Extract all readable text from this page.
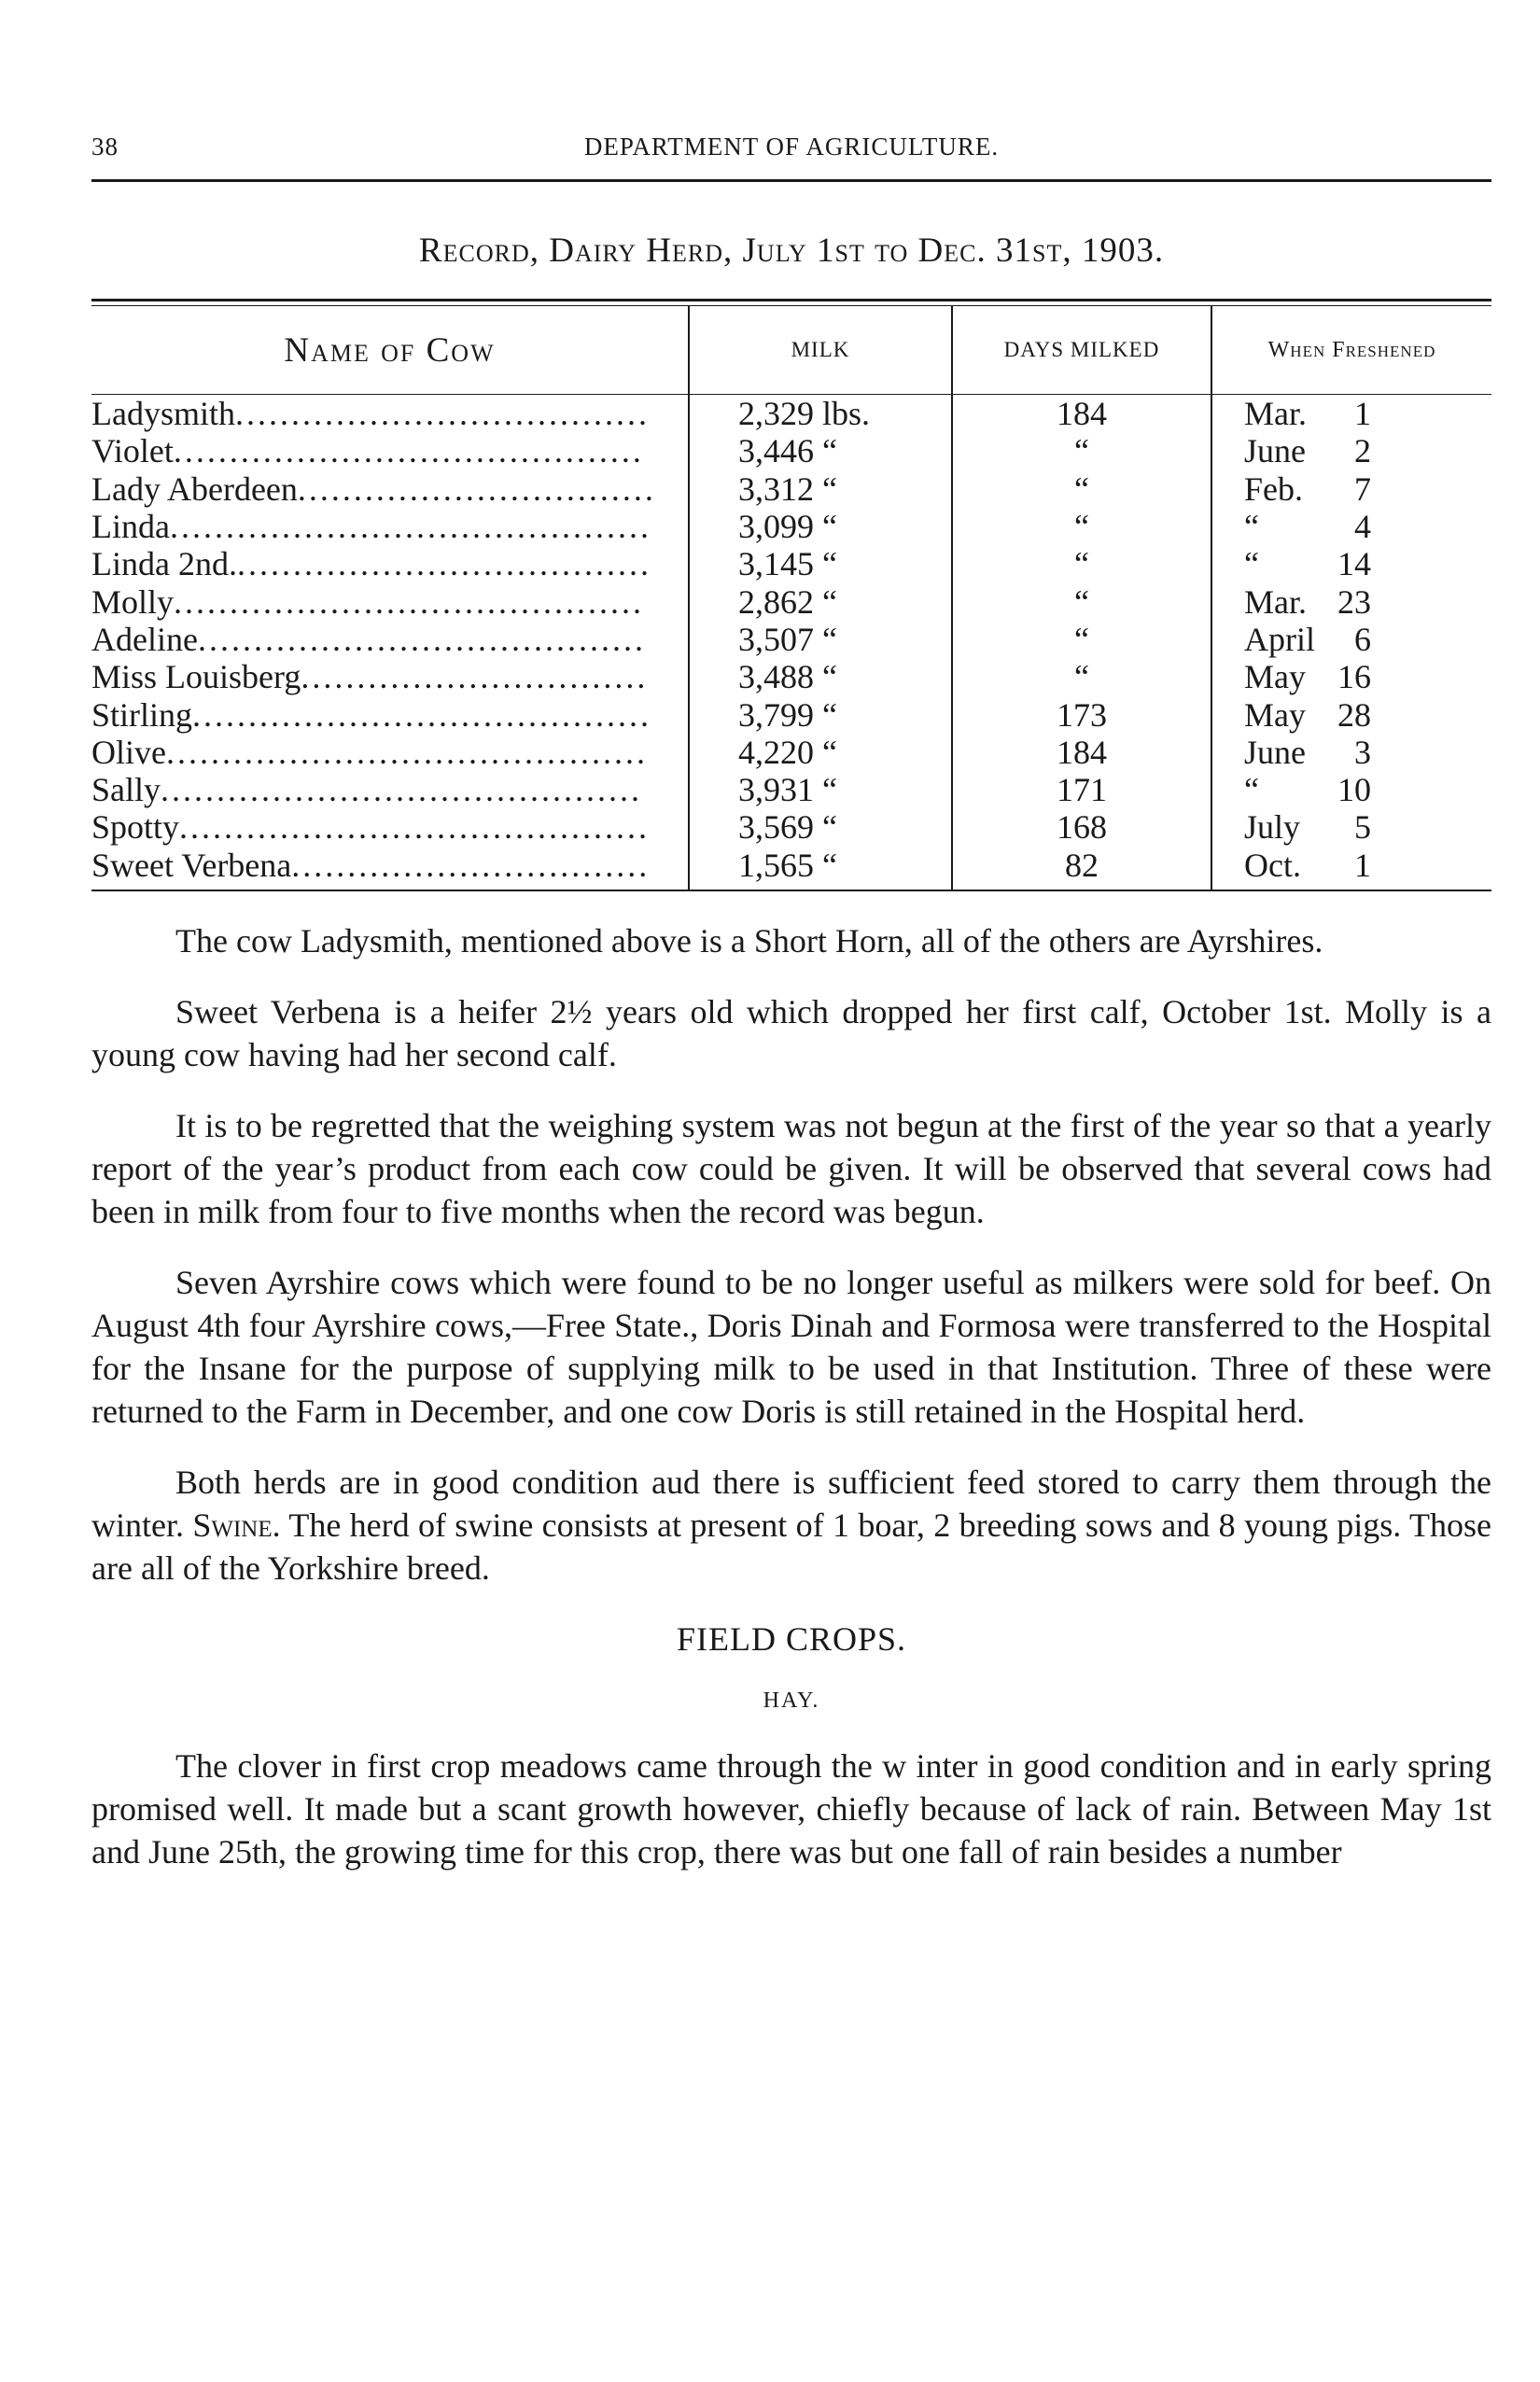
38	DEPARTMENT OF AGRICULTURE.
Record, Dairy Herd, July 1st to Dec. 31st, 1903.
Name of Cow	MILK	DAYS MILKED	When Freshened
Ladysmith.....................................	2,329 lbs.	184	Mar. 1

Violet..........................................	3,446 “	“	June 2

Lady Aberdeen................................	3,312 “	“	Feb. 7

Linda...........................................	3,099 “	“	“ 4

Linda 2nd......................................	3,145 “	“	“ 14

Molly..........................................	2,862 “	“	Mar. 23

Adeline........................................	3,507 “	“	April 6

Miss Louisberg...............................	3,488 “	“	May 16

Stirling.........................................	3,799 “	173	May 28

Olive...........................................	4,220 “	184	June 3

Sally...........................................	3,931 “	171	“ 10

Spotty..........................................	3,569 “	168	July 5

Sweet Verbena................................	1,565 “	82	Oct. 1

The cow Ladysmith, mentioned above is a Short Horn, all of the others are Ayrshires.

Sweet Verbena is a heifer 2½ years old which dropped her first calf, October 1st. Molly is a young cow having had her second calf.

It is to be regretted that the weighing system was not begun at the first of the year so that a yearly report of the year’s product from each cow could be given. It will be observed that several cows had been in milk from four to five months when the record was begun.

Seven Ayrshire cows which were found to be no longer useful as milkers were sold for beef. On August 4th four Ayrshire cows,—Free State., Doris Dinah and Formosa were transferred to the Hospital for the Insane for the purpose of supplying milk to be used in that Institution. Three of these were returned to the Farm in December, and one cow Doris is still retained in the Hospital herd.

Both herds are in good condition aud there is sufficient feed stored to carry them through the winter. Swine. The herd of swine consists at present of 1 boar, 2 breeding sows and 8 young pigs. Those are all of the Yorkshire breed.

FIELD CROPS.
HAY.

The clover in first crop meadows came through the w inter in good condition and in early spring promised well. It made but a scant growth however, chiefly because of lack of rain. Between May 1st and June 25th, the growing time for this crop, there was but one fall of rain besides a number
